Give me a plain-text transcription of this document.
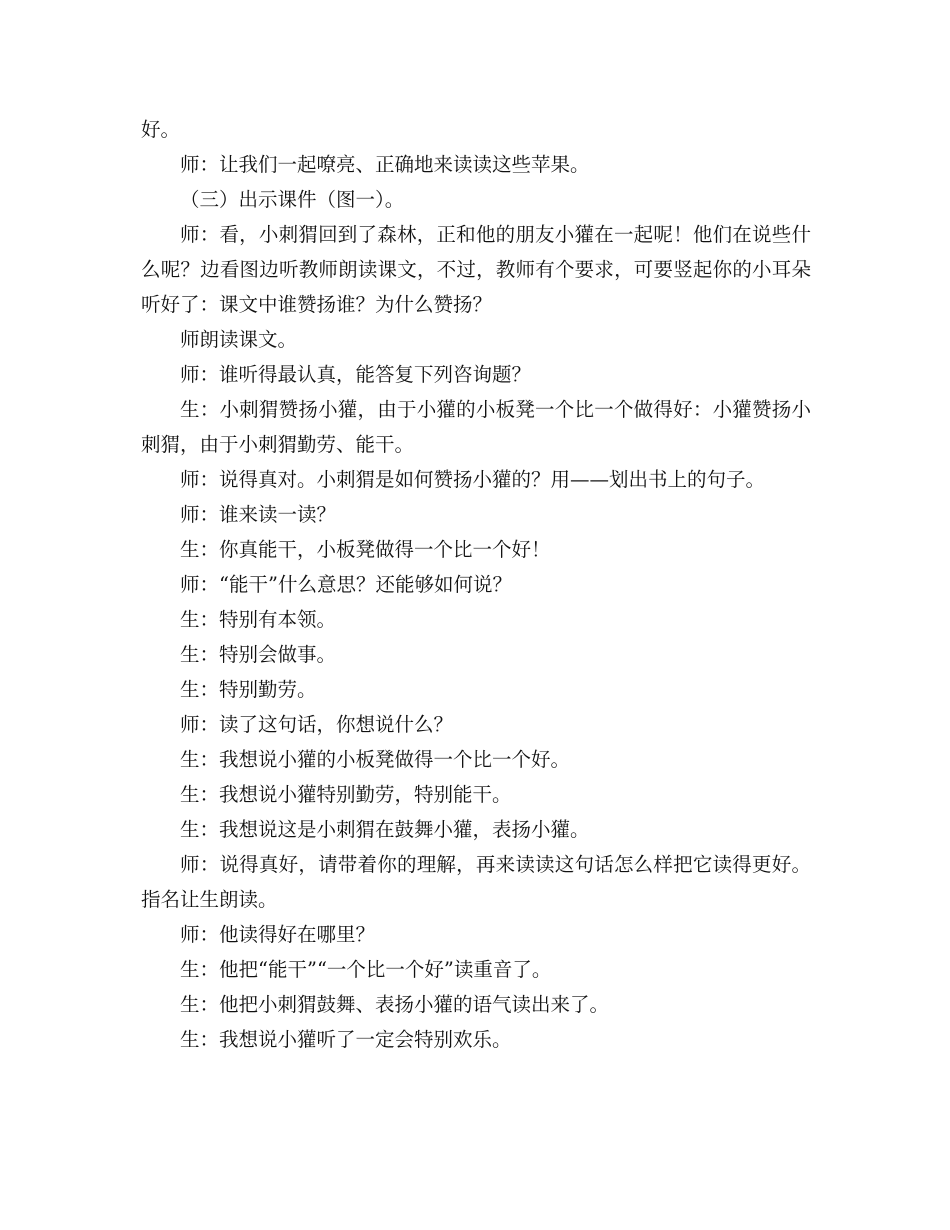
好。

师：让我们一起嘹亮、正确地来读读这些苹果。

（三）出示课件（图一）。

师：看，小刺猬回到了森林，正和他的朋友小獾在一起呢！他们在说些什么呢？边看图边听教师朗读课文，不过，教师有个要求，可要竖起你的小耳朵听好了：课文中谁赞扬谁？为什么赞扬？

师朗读课文。

师：谁听得最认真，能答复下列咨询题？

生：小刺猬赞扬小獾，由于小獾的小板凳一个比一个做得好：小獾赞扬小刺猬，由于小刺猬勤劳、能干。

师：说得真对。小刺猬是如何赞扬小獾的？用——划出书上的句子。

师：谁来读一读？

生：你真能干，小板凳做得一个比一个好！

师：“能干”什么意思？还能够如何说？

生：特别有本领。

生：特别会做事。

生：特别勤劳。

师：读了这句话，你想说什么？

生：我想说小獾的小板凳做得一个比一个好。

生：我想说小獾特别勤劳，特别能干。

生：我想说这是小刺猬在鼓舞小獾，表扬小獾。

师：说得真好，请带着你的理解，再来读读这句话怎么样把它读得更好。指名让生朗读。

师：他读得好在哪里？

生：他把“能干”“一个比一个好”读重音了。

生：他把小刺猬鼓舞、表扬小獾的语气读出来了。

生：我想说小獾听了一定会特别欢乐。
